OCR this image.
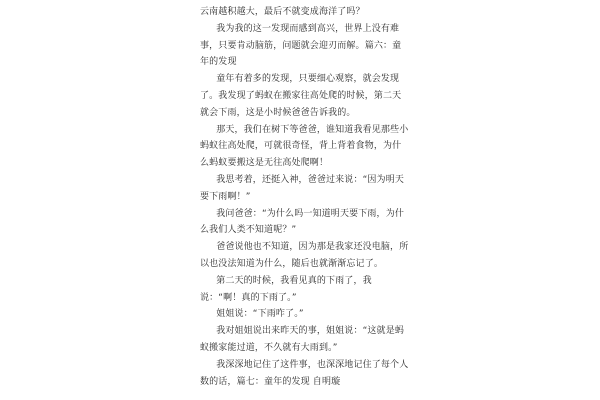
云南越积越大，最后不就变成海洋了吗？

我为我的这一发现而感到高兴，世界上没有难事，只要肯动脑筋，问题就会迎刃而解。篇六：童年的发现

童年有着多的发现，只要细心观察，就会发现了。我发现了蚂蚁在搬家往高处爬的时候，第二天就会下雨，这是小时候爸爸告诉我的。

那天，我们在树下等爸爸，谁知道我看见那些小蚂蚁往高处爬，可就很奇怪，背上背着食物，为什么蚂蚁要搬这是无往高处爬啊！

我思考着，还挺入神，爸爸过来说：“因为明天要下雨啊！”

我问爸爸：“为什么吗一知道明天要下雨，为什么我们人类不知道呢？”

爸爸说他也不知道，因为那是我家还没电脑，所以也没法知道为什么，随后也就渐渐忘记了。

第二天的时候，我看见真的下雨了，我说：“啊！真的下雨了。”

姐姐说：“下雨咋了。”

我对姐姐说出来昨天的事，姐姐说：“这就是蚂蚁搬家能过道，不久就有大雨到。”

我深深地记住了这件事，也深深地记住了每个人数的话，篇七：童年的发现 自明璇
